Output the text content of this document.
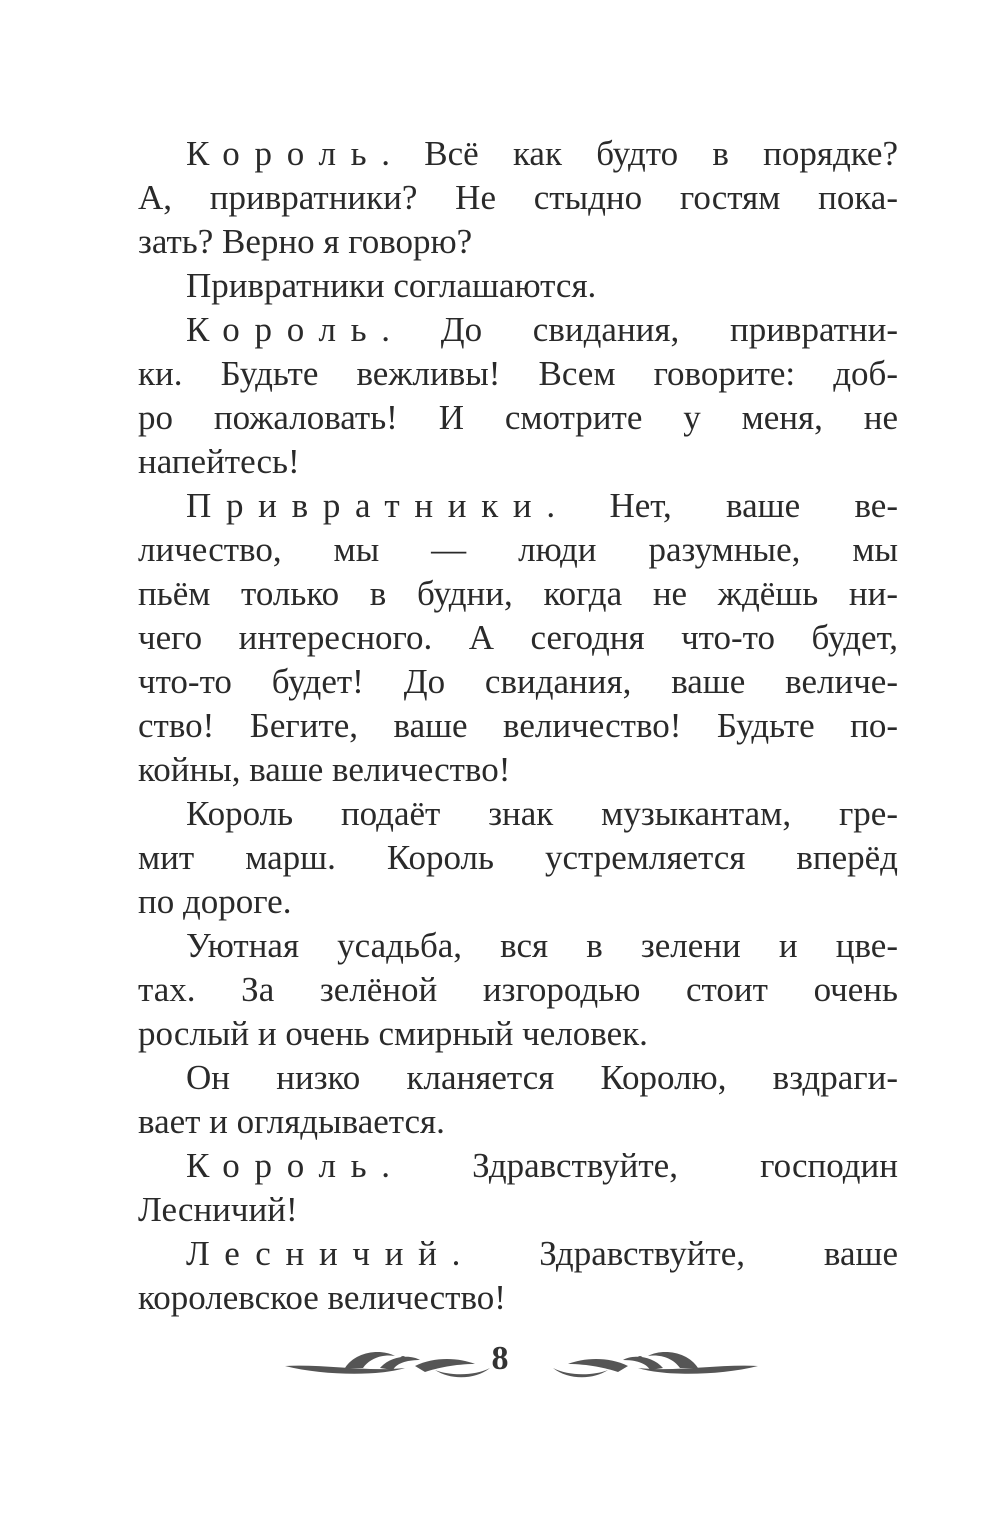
Король. Всё как будто в порядке?
А, привратники? Не стыдно гостям пока-
зать? Верно я говорю?
Привратники соглашаются.
Король. До свидания, привратни-
ки. Будьте вежливы! Всем говорите: доб-
ро пожаловать! И смотрите у меня, не
напейтесь!
Привратники. Нет, ваше ве-
личество, мы — люди разумные, мы
пьём только в будни, когда не ждёшь ни-
чего интересного. А сегодня что-то будет,
что-то будет! До свидания, ваше величе-
ство! Бегите, ваше величество! Будьте по-
койны, ваше величество!
Король подаёт знак музыкантам, гре-
мит марш. Король устремляется вперёд
по дороге.
Уютная усадьба, вся в зелени и цве-
тах. За зелёной изгородью стоит очень
рослый и очень смирный человек.
Он низко кланяется Королю, вздраги-
вает и оглядывается.
Король. Здравствуйте, господин
Лесничий!
Лесничий. Здравствуйте, ваше
королевское величество!
8
